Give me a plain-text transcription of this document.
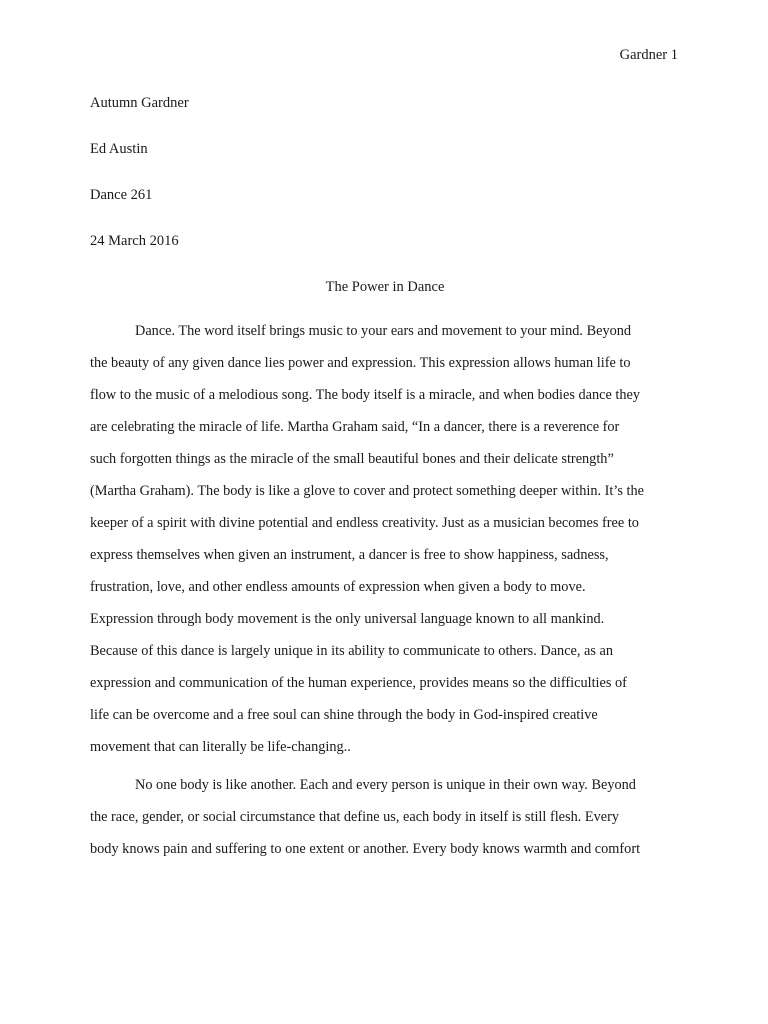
Gardner 1
Autumn Gardner
Ed Austin
Dance 261
24 March 2016
The Power in Dance
Dance. The word itself brings music to your ears and movement to your mind. Beyond
the beauty of any given dance lies power and expression. This expression allows human life to
flow to the music of a melodious song. The body itself is a miracle, and when bodies dance they
are celebrating the miracle of life. Martha Graham said, “In a dancer, there is a reverence for
such forgotten things as the miracle of the small beautiful bones and their delicate strength”
(Martha Graham). The body is like a glove to cover and protect something deeper within. It’s the
keeper of a spirit with divine potential and endless creativity. Just as a musician becomes free to
express themselves when given an instrument, a dancer is free to show happiness, sadness,
frustration, love, and other endless amounts of expression when given a body to move.
Expression through body movement is the only universal language known to all mankind.
Because of this dance is largely unique in its ability to communicate to others. Dance, as an
expression and communication of the human experience, provides means so the difficulties of
life can be overcome and a free soul can shine through the body in God-inspired creative
movement that can literally be life-changing..
No one body is like another. Each and every person is unique in their own way. Beyond
the race, gender, or social circumstance that define us, each body in itself is still flesh. Every
body knows pain and suffering to one extent or another. Every body knows warmth and comfort
